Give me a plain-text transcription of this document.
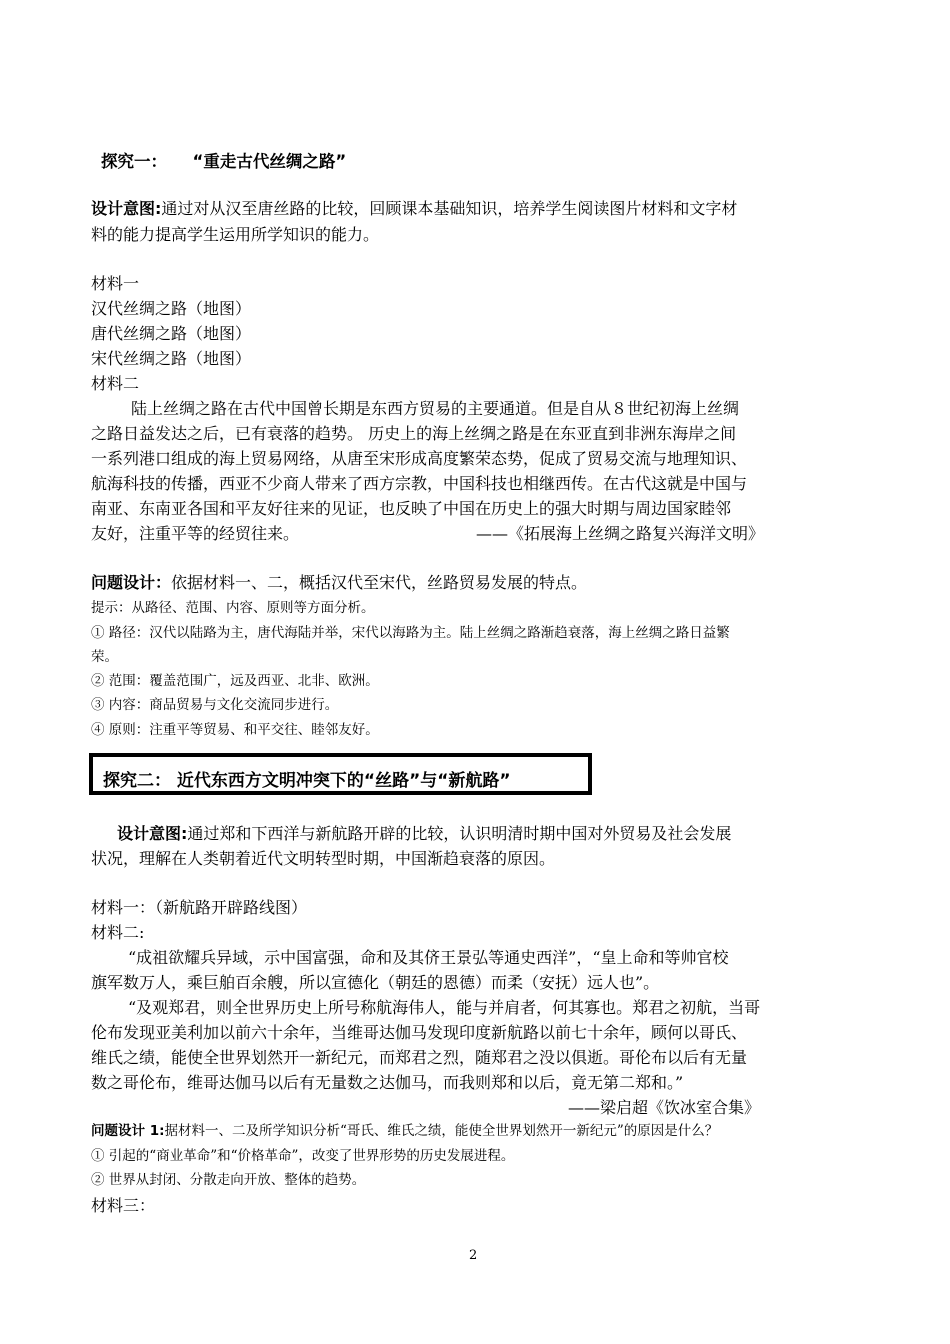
探究一： “重走古代丝绸之路”
设计意图:通过对从汉至唐丝路的比较，回顾课本基础知识，培养学生阅读图片材料和文字材
料的能力提高学生运用所学知识的能力。
材料一
汉代丝绸之路（地图）
唐代丝绸之路（地图）
宋代丝绸之路（地图）
材料二
陆上丝绸之路在古代中国曾长期是东西方贸易的主要通道。但是自从８世纪初海上丝绸
之路日益发达之后，已有衰落的趋势。 历史上的海上丝绸之路是在东亚直到非洲东海岸之间
一系列港口组成的海上贸易网络，从唐至宋形成高度繁荣态势，促成了贸易交流与地理知识、
航海科技的传播，西亚不少商人带来了西方宗教，中国科技也相继西传。在古代这就是中国与
南亚、东南亚各国和平友好往来的见证，也反映了中国在历史上的强大时期与周边国家睦邻
友好，注重平等的经贸往来。	——《拓展海上丝绸之路复兴海洋文明》
问题设计：依据材料一、二，概括汉代至宋代，丝路贸易发展的特点。
提示：从路径、范围、内容、原则等方面分析。
① 路径：汉代以陆路为主，唐代海陆并举，宋代以海路为主。陆上丝绸之路渐趋衰落，海上丝绸之路日益繁
荣。
② 范围：覆盖范围广，远及西亚、北非、欧洲。
③ 内容：商品贸易与文化交流同步进行。
④ 原则：注重平等贸易、和平交往、睦邻友好。
探究二： 近代东西方文明冲突下的“丝路”与“新航路”
设计意图:通过郑和下西洋与新航路开辟的比较，认识明清时期中国对外贸易及社会发展
状况，理解在人类朝着近代文明转型时期，中国渐趋衰落的原因。
材料一：（新航路开辟路线图）
材料二:
“成祖欲耀兵异域，示中国富强，命和及其侪王景弘等通史西洋”，“皇上命和等帅官校
旗军数万人，乘巨舶百余艘，所以宣德化（朝廷的恩德）而柔（安抚）远人也”。
“及观郑君，则全世界历史上所号称航海伟人，能与并肩者，何其寡也。郑君之初航，当哥
伦布发现亚美利加以前六十余年，当维哥达伽马发现印度新航路以前七十余年，顾何以哥氏、
维氏之绩，能使全世界划然开一新纪元，而郑君之烈，随郑君之没以俱逝。哥伦布以后有无量
数之哥伦布，维哥达伽马以后有无量数之达伽马，而我则郑和以后，竟无第二郑和。”
——梁启超《饮冰室合集》
问题设计 1:据材料一、二及所学知识分析“哥氏、维氏之绩，能使全世界划然开一新纪元”的原因是什么？
① 引起的“商业革命”和“价格革命”，改变了世界形势的历史发展进程。
② 世界从封闭、分散走向开放、整体的趋势。
材料三：
2
